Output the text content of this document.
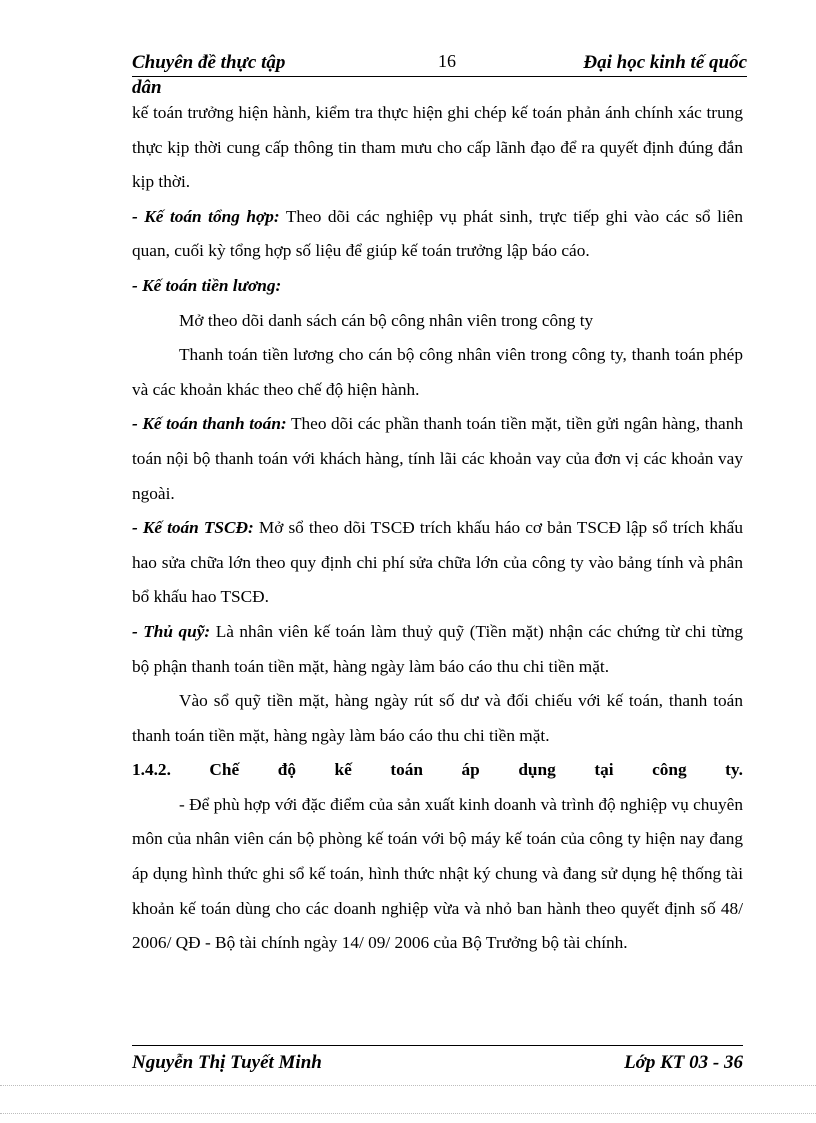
Chuyên đề thực tập	16	Đại học kinh tế quốc
dân

kế toán trưởng hiện hành, kiểm tra thực hiện ghi chép kế toán phản ánh chính xác trung thực kịp thời cung cấp thông tin tham mưu cho cấp lãnh đạo để ra quyết định đúng đắn kịp thời.

- Kế toán tổng hợp: Theo dõi các nghiệp vụ phát sinh, trực tiếp ghi vào các sổ liên quan, cuối kỳ tổng hợp số liệu để giúp kế toán trưởng lập báo cáo.

- Kế toán tiền lương:

Mở theo dõi danh sách cán bộ công nhân viên trong công ty

Thanh toán tiền lương cho cán bộ công nhân viên trong công ty, thanh toán phép và các khoản khác theo chế độ hiện hành.

- Kế toán thanh toán: Theo dõi các phần thanh toán tiền mặt, tiền gửi ngân hàng, thanh toán nội bộ thanh toán với khách hàng, tính lãi các khoản vay của đơn vị các khoản vay ngoài.

- Kế toán TSCĐ: Mở sổ theo dõi TSCĐ trích khấu háo cơ bản TSCĐ lập sổ trích khấu hao sửa chữa lớn theo quy định chi phí sửa chữa lớn của công ty vào bảng tính và phân bổ khấu hao TSCĐ.

- Thủ quỹ: Là nhân viên kế toán làm thuỷ quỹ (Tiền mặt) nhận các chứng từ chi từng bộ phận thanh toán tiền mặt, hàng ngày làm báo cáo thu chi tiền mặt.

Vào sổ quỹ tiền mặt, hàng ngày rút số dư và đối chiếu với kế toán, thanh toán thanh toán tiền mặt, hàng ngày làm báo cáo thu chi tiền mặt.

1.4.2. Chế độ kế toán áp dụng tại công ty.

- Để phù hợp với đặc điểm của sản xuất kinh doanh và trình độ nghiệp vụ chuyên môn của nhân viên cán bộ phòng kế toán với bộ máy kế toán của công ty hiện nay đang áp dụng hình thức ghi sổ kế toán, hình thức nhật ký chung và đang sử dụng hệ thống tài khoản kế toán dùng cho các doanh nghiệp vừa và nhỏ ban hành theo quyết định số 48/ 2006/ QĐ - Bộ tài chính ngày 14/ 09/ 2006 của Bộ Trưởng bộ tài chính.

Nguyễn Thị Tuyết Minh	Lớp KT 03 - 36
